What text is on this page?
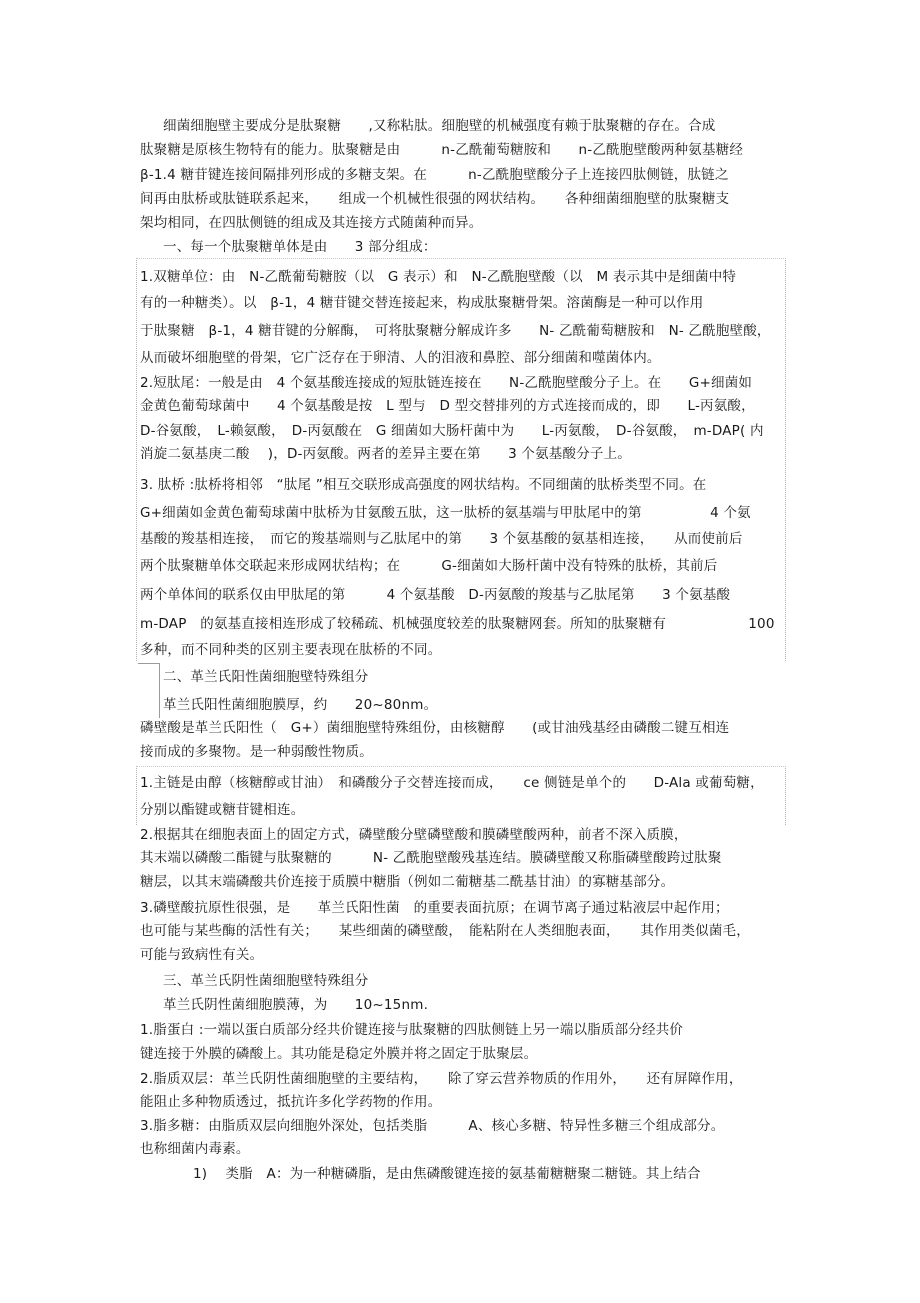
细菌细胞壁主要成分是肽聚糖　　,又称粘肽。细胞壁的机械强度有赖于肽聚糖的存在。合成
肽聚糖是原核生物特有的能力。肽聚糖是由　　　n-乙酰葡萄糖胺和　　n-乙酰胞壁酸两种氨基糖经
β-1.4 糖苷键连接间隔排列形成的多糖支架。在　　　n-乙酰胞壁酸分子上连接四肽侧链，肽链之
间再由肽桥或肽链联系起来，　　组成一个机械性很强的网状结构。　　各种细菌细胞壁的肽聚糖支
架均相同，在四肽侧链的组成及其连接方式随菌种而异。
一、每一个肽聚糖单体是由　　3 部分组成：
1.双糖单位：由　N-乙酰葡萄糖胺（以　G 表示）和　N-乙酰胞壁酸（以　M 表示其中是细菌中特
有的一种糖类）。以　β-1，4 糖苷键交替连接起来，构成肽聚糖骨架。溶菌酶是一种可以作用
于肽聚糖　β-1，4 糖苷键的分解酶，　可将肽聚糖分解成许多　　N- 乙酰葡萄糖胺和　N- 乙酰胞壁酸，
从而破坏细胞壁的骨架，它广泛存在于卵清、人的泪液和鼻腔、部分细菌和噬菌体内。
2.短肽尾：一般是由　4 个氨基酸连接成的短肽链连接在　　N-乙酰胞壁酸分子上。在　　G+细菌如
金黄色葡萄球菌中　　4 个氨基酸是按　L 型与　D 型交替排列的方式连接而成的，即　　L-丙氨酸，
D-谷氨酸，　L-赖氨酸，　D-丙氨酸在　G 细菌如大肠杆菌中为　　L-丙氨酸，　D-谷氨酸，　m-DAP( 内
消旋二氨基庚二酸　 )，D-丙氨酸。两者的差异主要在第　　3 个氨基酸分子上。
3. 肽桥 :肽桥将相邻　“肽尾 ”相互交联形成高强度的网状结构。不同细菌的肽桥类型不同。在
G+细菌如金黄色葡萄球菌中肽桥为甘氨酸五肽，这一肽桥的氨基端与甲肽尾中的第　　　　　4 个氨
基酸的羧基相连接，　而它的羧基端则与乙肽尾中的第　　3 个氨基酸的氨基相连接，　　从而使前后
两个肽聚糖单体交联起来形成网状结构；在　　　G-细菌如大肠杆菌中没有特殊的肽桥，其前后
两个单体间的联系仅由甲肽尾的第　　　4 个氨基酸　D-丙氨酸的羧基与乙肽尾第　　3 个氨基酸
m-DAP　的氨基直接相连形成了较稀疏、机械强度较差的肽聚糖网套。所知的肽聚糖有　　　　　　100
多种，而不同种类的区别主要表现在肽桥的不同。
二、革兰氏阳性菌细胞壁特殊组分
革兰氏阳性菌细胞膜厚，约　　20~80nm。
磷壁酸是革兰氏阳性（　G+）菌细胞壁特殊组份，由核糖醇　　(或甘油残基经由磷酸二键互相连
接而成的多聚物。是一种弱酸性物质。
1.主链是由醇（核糖醇或甘油）　和磷酸分子交替连接而成，　　ce 侧链是单个的　　D-Ala 或葡萄糖，
分别以酯键或糖苷键相连。
2.根据其在细胞表面上的固定方式，磷壁酸分壁磷壁酸和膜磷壁酸两种，前者不深入质膜，
其末端以磷酸二酯键与肽聚糖的　　　N- 乙酰胞壁酸残基连结。膜磷壁酸又称脂磷壁酸跨过肽聚
糖层，以其末端磷酸共价连接于质膜中糖脂（例如二葡糖基二酰基甘油）的寡糖基部分。
3.磷壁酸抗原性很强，是　　革兰氏阳性菌　的重要表面抗原；在调节离子通过粘液层中起作用；
也可能与某些酶的活性有关；　　某些细菌的磷壁酸，　能粘附在人类细胞表面，　　其作用类似菌毛，
可能与致病性有关。
三、革兰氏阴性菌细胞壁特殊组分
革兰氏阴性菌细胞膜薄，为　　10~15nm.
1.脂蛋白 :一端以蛋白质部分经共价键连接与肽聚糖的四肽侧链上另一端以脂质部分经共价
键连接于外膜的磷酸上。其功能是稳定外膜并将之固定于肽聚层。
2.脂质双层：革兰氏阴性菌细胞壁的主要结构，　　除了穿云营养物质的作用外，　　还有屏障作用，
能阻止多种物质透过，抵抗许多化学药物的作用。
3.脂多糖：由脂质双层向细胞外深处，包括类脂　　　A、核心多糖、特异性多糖三个组成部分。
也称细菌内毒素。
1)　 类脂　A：为一种糖磷脂，是由焦磷酸键连接的氨基葡糖糖聚二糖链。其上结合
